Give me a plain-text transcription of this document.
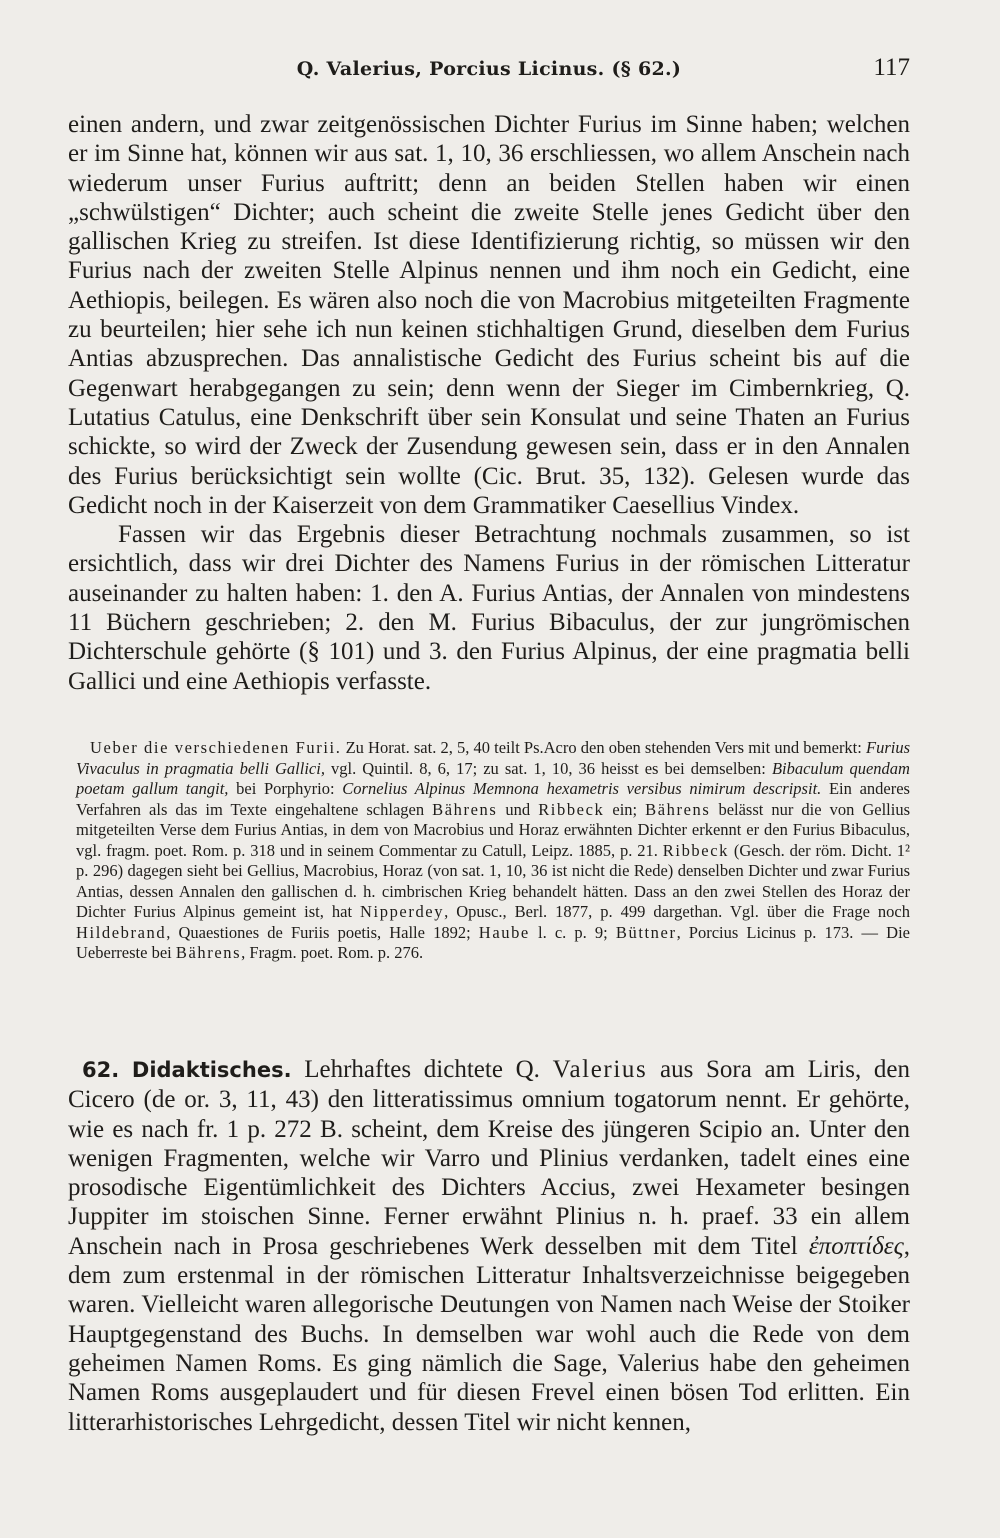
Q. Valerius, Porcius Licinus. (§ 62.)	117

einen andern, und zwar zeitgenössischen Dichter Furius im Sinne haben; welchen er im Sinne hat, können wir aus sat. 1, 10, 36 erschliessen, wo allem Anschein nach wiederum unser Furius auftritt; denn an beiden Stellen haben wir einen „schwülstigen“ Dichter; auch scheint die zweite Stelle jenes Gedicht über den gallischen Krieg zu streifen. Ist diese Identifizierung richtig, so müssen wir den Furius nach der zweiten Stelle Alpinus nennen und ihm noch ein Gedicht, eine Aethiopis, beilegen. Es wären also noch die von Macrobius mitgeteilten Fragmente zu beurteilen; hier sehe ich nun keinen stichhaltigen Grund, dieselben dem Furius Antias abzusprechen. Das annalistische Gedicht des Furius scheint bis auf die Gegenwart herabgegangen zu sein; denn wenn der Sieger im Cimbernkrieg, Q. Lutatius Catulus, eine Denkschrift über sein Konsulat und seine Thaten an Furius schickte, so wird der Zweck der Zusendung gewesen sein, dass er in den Annalen des Furius berücksichtigt sein wollte (Cic. Brut. 35, 132). Gelesen wurde das Gedicht noch in der Kaiserzeit von dem Grammatiker Caesellius Vindex.

Fassen wir das Ergebnis dieser Betrachtung nochmals zusammen, so ist ersichtlich, dass wir drei Dichter des Namens Furius in der römischen Litteratur auseinander zu halten haben: 1. den A. Furius Antias, der Annalen von mindestens 11 Büchern geschrieben; 2. den M. Furius Bibaculus, der zur jungrömischen Dichterschule gehörte (§ 101) und 3. den Furius Alpinus, der eine pragmatia belli Gallici und eine Aethiopis verfasste.

Ueber die verschiedenen Furii. Zu Horat. sat. 2, 5, 40 teilt Ps.Acro den oben stehenden Vers mit und bemerkt: Furius Vivaculus in pragmatia belli Gallici, vgl. Quintil. 8, 6, 17; zu sat. 1, 10, 36 heisst es bei demselben: Bibaculum quendam poetam gallum tangit, bei Porphyrio: Cornelius Alpinus Memnona hexametris versibus nimirum descripsit. Ein anderes Verfahren als das im Texte eingehaltene schlagen Bährens und Ribbeck ein; Bährens belässt nur die von Gellius mitgeteilten Verse dem Furius Antias, in dem von Macrobius und Horaz erwähnten Dichter erkennt er den Furius Bibaculus, vgl. fragm. poet. Rom. p. 318 und in seinem Commentar zu Catull, Leipz. 1885, p. 21. Ribbeck (Gesch. der röm. Dicht. 1² p. 296) dagegen sieht bei Gellius, Macrobius, Horaz (von sat. 1, 10, 36 ist nicht die Rede) denselben Dichter und zwar Furius Antias, dessen Annalen den gallischen d. h. cimbrischen Krieg behandelt hätten. Dass an den zwei Stellen des Horaz der Dichter Furius Alpinus gemeint ist, hat Nipperdey, Opusc., Berl. 1877, p. 499 dargethan. Vgl. über die Frage noch Hildebrand, Quaestiones de Furiis poetis, Halle 1892; Haube l. c. p. 9; Büttner, Porcius Licinus p. 173. — Die Ueberreste bei Bährens, Fragm. poet. Rom. p. 276.

62. Didaktisches. Lehrhaftes dichtete Q. Valerius aus Sora am Liris, den Cicero (de or. 3, 11, 43) den litteratissimus omnium togatorum nennt. Er gehörte, wie es nach fr. 1 p. 272 B. scheint, dem Kreise des jüngeren Scipio an. Unter den wenigen Fragmenten, welche wir Varro und Plinius verdanken, tadelt eines eine prosodische Eigentümlichkeit des Dichters Accius, zwei Hexameter besingen Juppiter im stoischen Sinne. Ferner erwähnt Plinius n. h. praef. 33 ein allem Anschein nach in Prosa geschriebenes Werk desselben mit dem Titel ἐποπτίδες, dem zum erstenmal in der römischen Litteratur Inhaltsverzeichnisse beigegeben waren. Vielleicht waren allegorische Deutungen von Namen nach Weise der Stoiker Hauptgegenstand des Buchs. In demselben war wohl auch die Rede von dem geheimen Namen Roms. Es ging nämlich die Sage, Valerius habe den geheimen Namen Roms ausgeplaudert und für diesen Frevel einen bösen Tod erlitten. Ein litterarhistorisches Lehrgedicht, dessen Titel wir nicht kennen,
